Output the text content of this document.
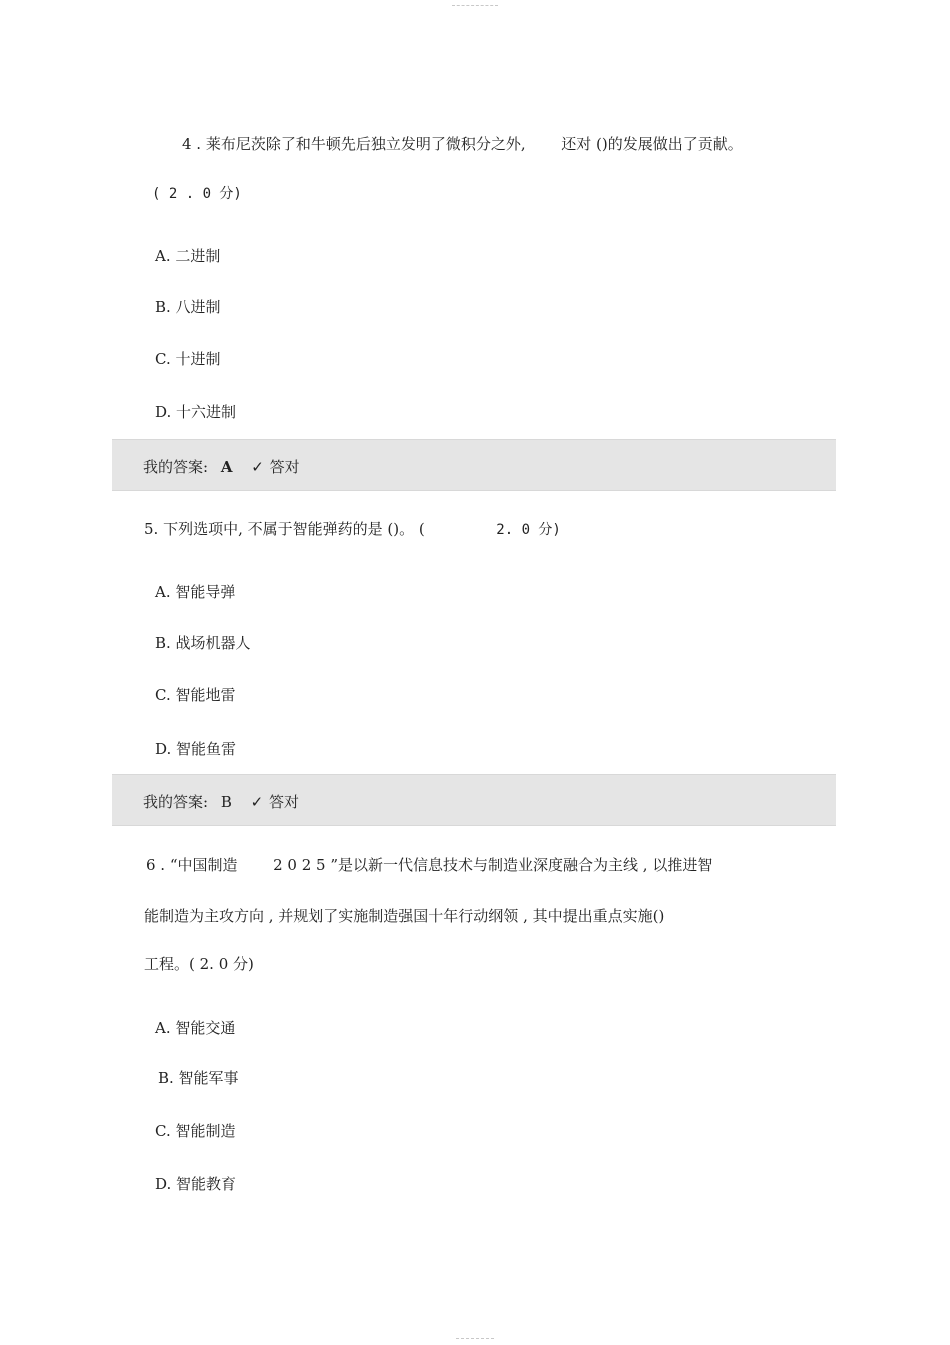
4 . 莱布尼茨除了和牛顿先后独立发明了微积分之外, 还对 ()的发展做出了贡献。
( 2 . 0 分)
A. 二进制
B. 八进制
C. 十进制
D. 十六进制
我的答案: A ✓ 答对
5. 下列选项中, 不属于智能弹药的是 ()。 (	2. 0 分)
A. 智能导弹
B. 战场机器人
C. 智能地雷
D. 智能鱼雷
我的答案: B ✓ 答对
6 . “中国制造 2 0 2 5 ”是以新一代信息技术与制造业深度融合为主线 , 以推进智
能制造为主攻方向 , 并规划了实施制造强国十年行动纲领 , 其中提出重点实施()
工程。( 2. 0 分)
A. 智能交通
B. 智能军事
C. 智能制造
D. 智能教育
